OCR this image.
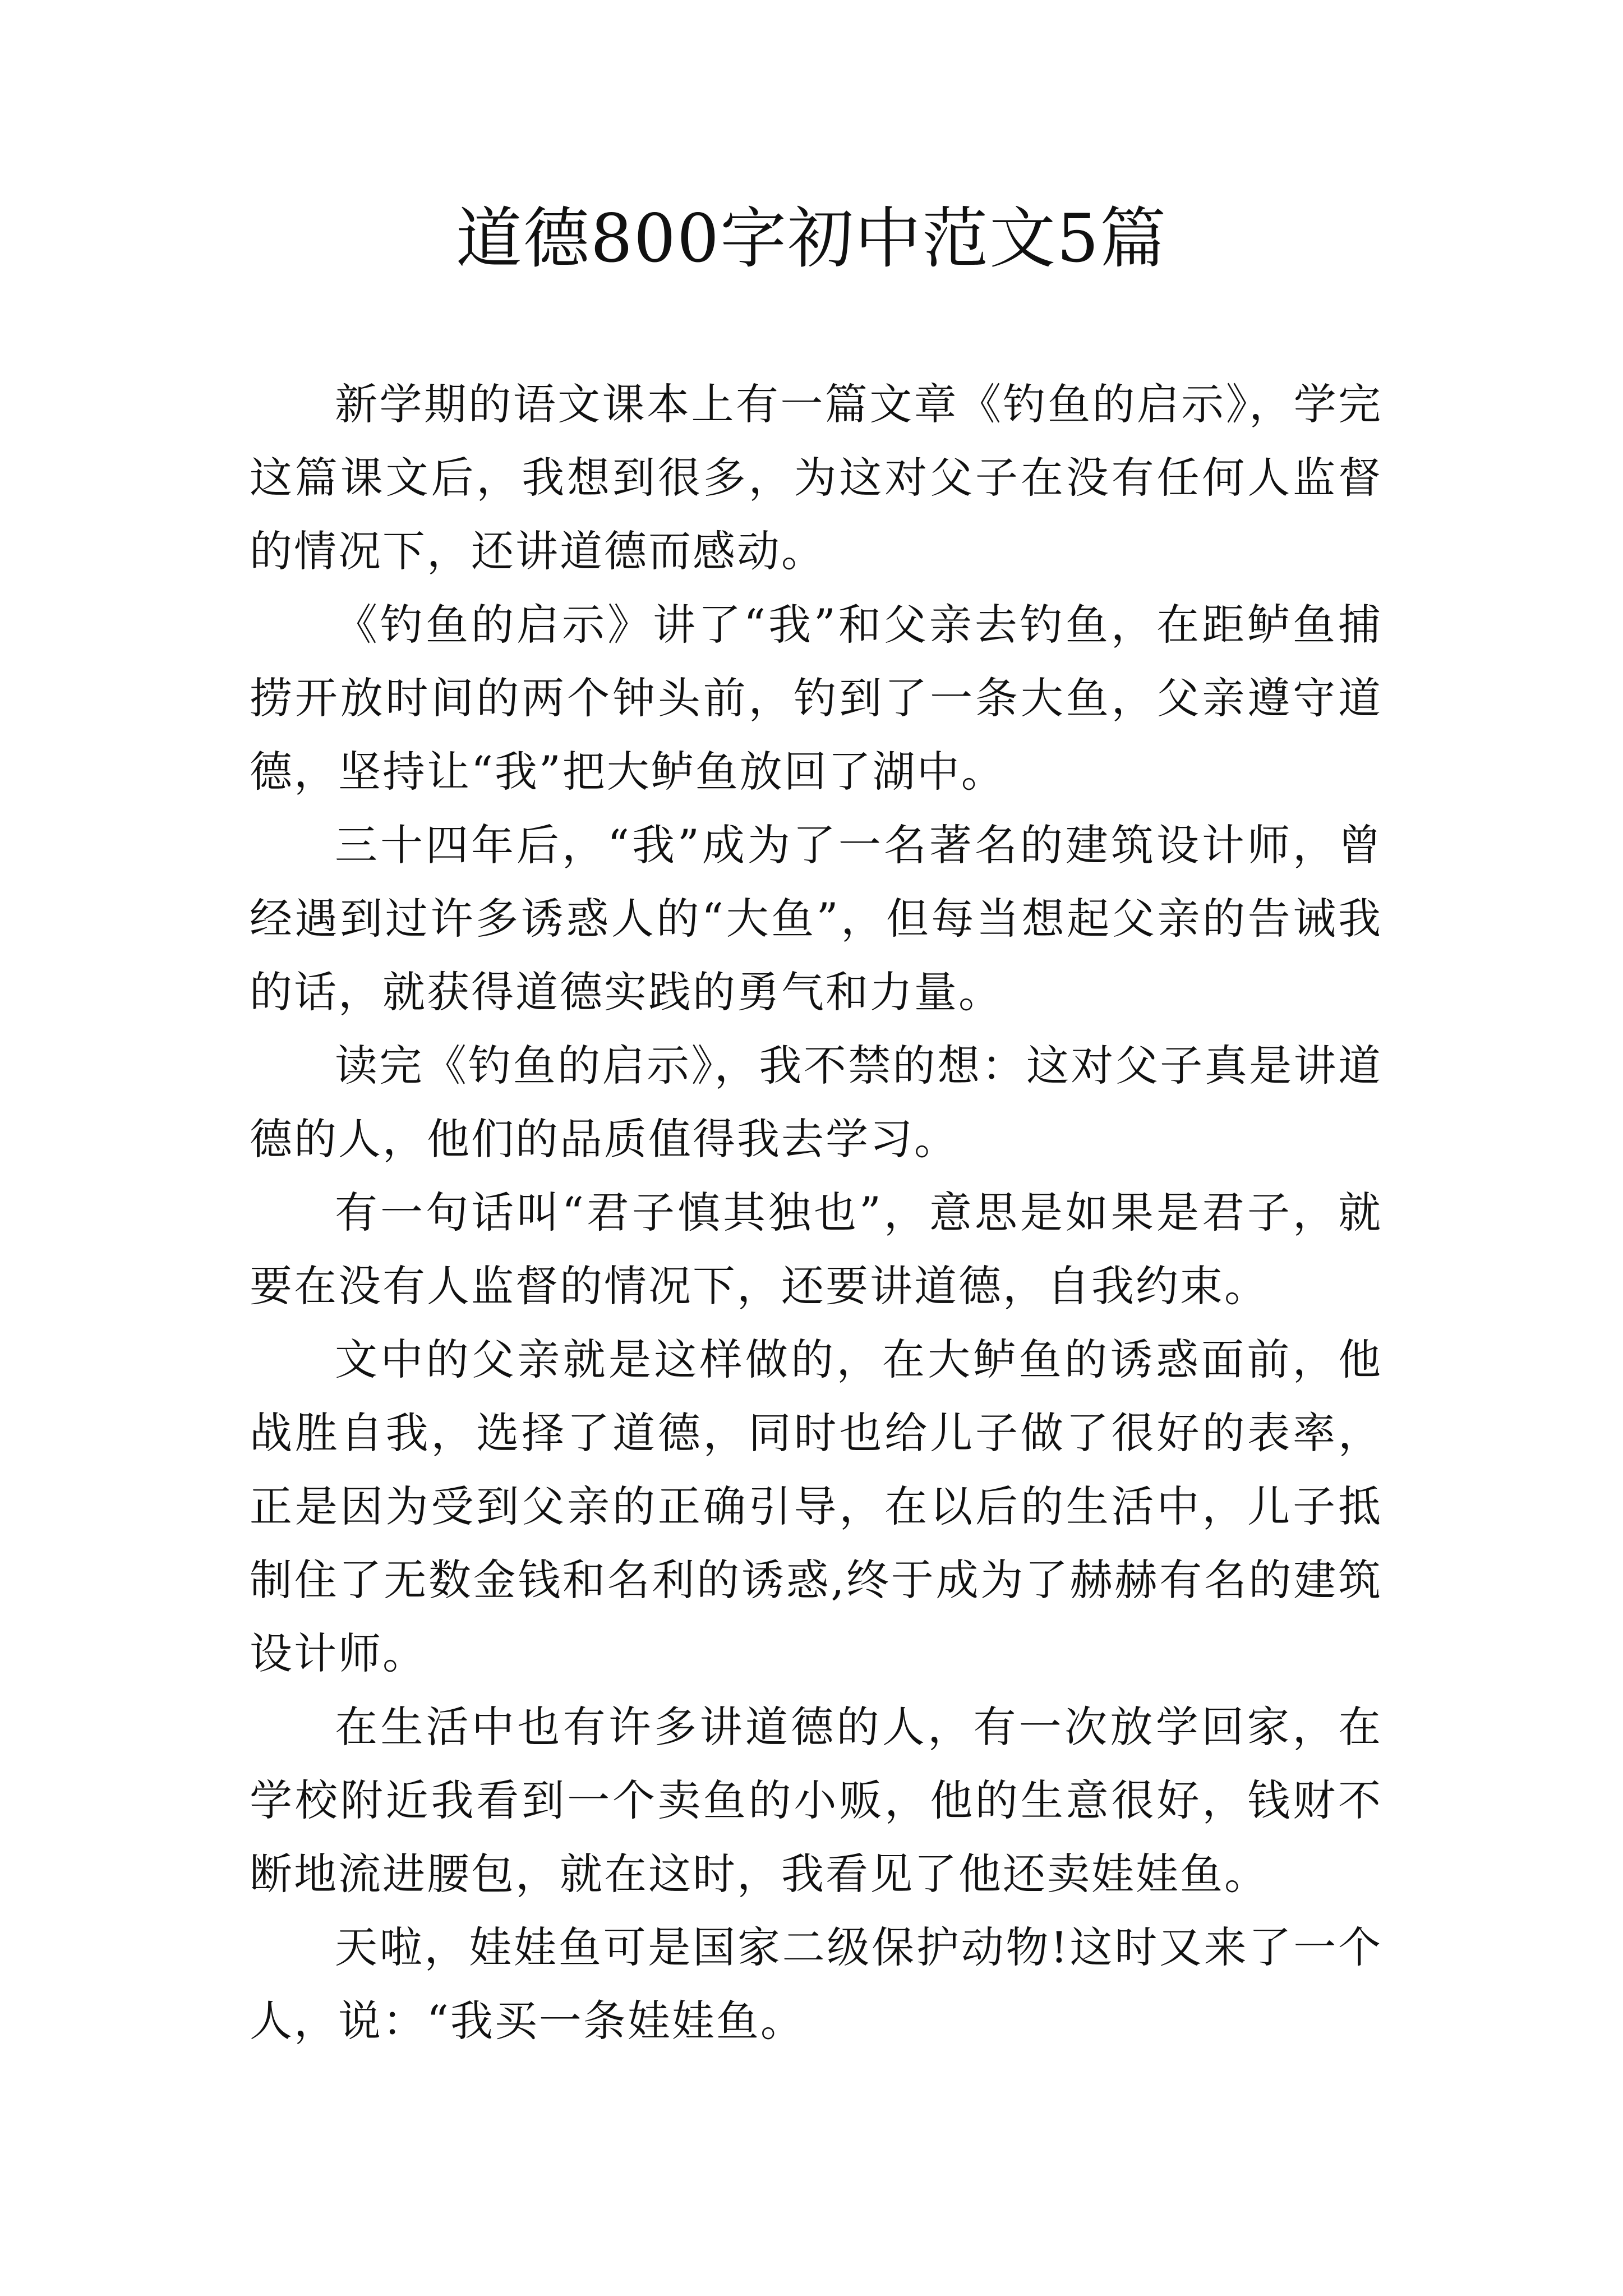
道德800字初中范文5篇

新学期的语文课本上有一篇文章《钓鱼的启示》，学完这篇课文后，我想到很多，为这对父子在没有任何人监督的情况下，还讲道德而感动。

《钓鱼的启示》讲了“我”和父亲去钓鱼，在距鲈鱼捕捞开放时间的两个钟头前，钓到了一条大鱼，父亲遵守道德，坚持让“我”把大鲈鱼放回了湖中。

三十四年后，“我”成为了一名著名的建筑设计师，曾经遇到过许多诱惑人的“大鱼”，但每当想起父亲的告诫我的话，就获得道德实践的勇气和力量。

读完《钓鱼的启示》，我不禁的想：这对父子真是讲道德的人，他们的品质值得我去学习。

有一句话叫“君子慎其独也”，意思是如果是君子，就要在没有人监督的情况下，还要讲道德，自我约束。

文中的父亲就是这样做的，在大鲈鱼的诱惑面前，他战胜自我，选择了道德，同时也给儿子做了很好的表率，正是因为受到父亲的正确引导，在以后的生活中，儿子抵制住了无数金钱和名利的诱惑,终于成为了赫赫有名的建筑设计师。

在生活中也有许多讲道德的人，有一次放学回家，在学校附近我看到一个卖鱼的小贩，他的生意很好，钱财不断地流进腰包，就在这时，我看见了他还卖娃娃鱼。

天啦，娃娃鱼可是国家二级保护动物!这时又来了一个人，说：“我买一条娃娃鱼。
